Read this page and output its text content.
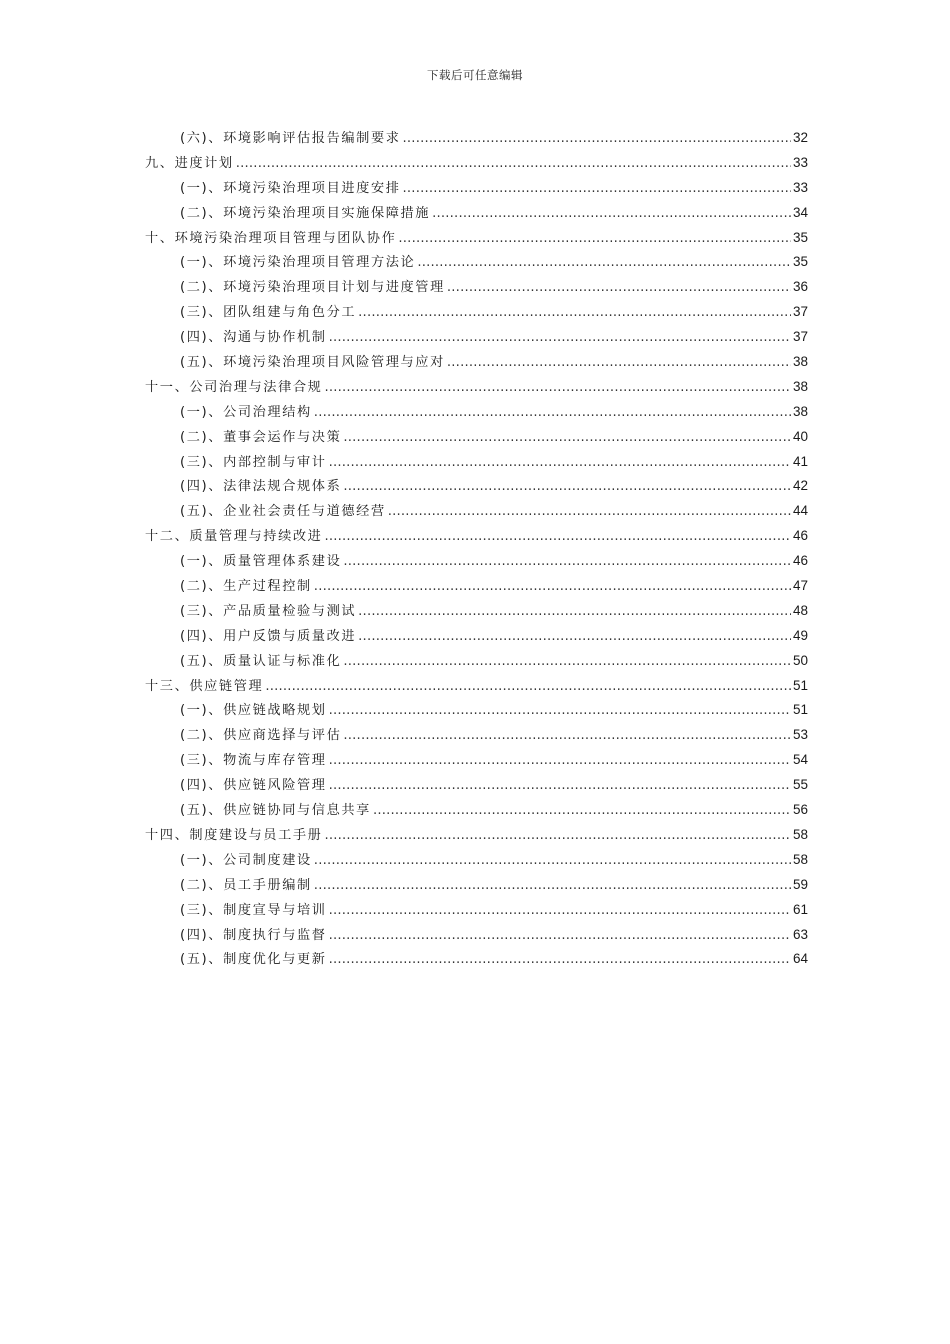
下载后可任意编辑
(六)、环境影响评估报告编制要求 .....	32
九、进度计划 .....	33
(一)、环境污染治理项目进度安排 .....	33
(二)、环境污染治理项目实施保障措施 .....	34
十、环境污染治理项目管理与团队协作 .....	35
(一)、环境污染治理项目管理方法论 .....	35
(二)、环境污染治理项目计划与进度管理 .....	36
(三)、团队组建与角色分工 .....	37
(四)、沟通与协作机制 .....	37
(五)、环境污染治理项目风险管理与应对 .....	38
十一、公司治理与法律合规 .....	38
(一)、公司治理结构 .....	38
(二)、董事会运作与决策 .....	40
(三)、内部控制与审计 .....	41
(四)、法律法规合规体系 .....	42
(五)、企业社会责任与道德经营 .....	44
十二、质量管理与持续改进 .....	46
(一)、质量管理体系建设 .....	46
(二)、生产过程控制 .....	47
(三)、产品质量检验与测试 .....	48
(四)、用户反馈与质量改进 .....	49
(五)、质量认证与标准化 .....	50
十三、供应链管理 .....	51
(一)、供应链战略规划 .....	51
(二)、供应商选择与评估 .....	53
(三)、物流与库存管理 .....	54
(四)、供应链风险管理 .....	55
(五)、供应链协同与信息共享 .....	56
十四、制度建设与员工手册 .....	58
(一)、公司制度建设 .....	58
(二)、员工手册编制 .....	59
(三)、制度宣导与培训 .....	61
(四)、制度执行与监督 .....	63
(五)、制度优化与更新 .....	64
